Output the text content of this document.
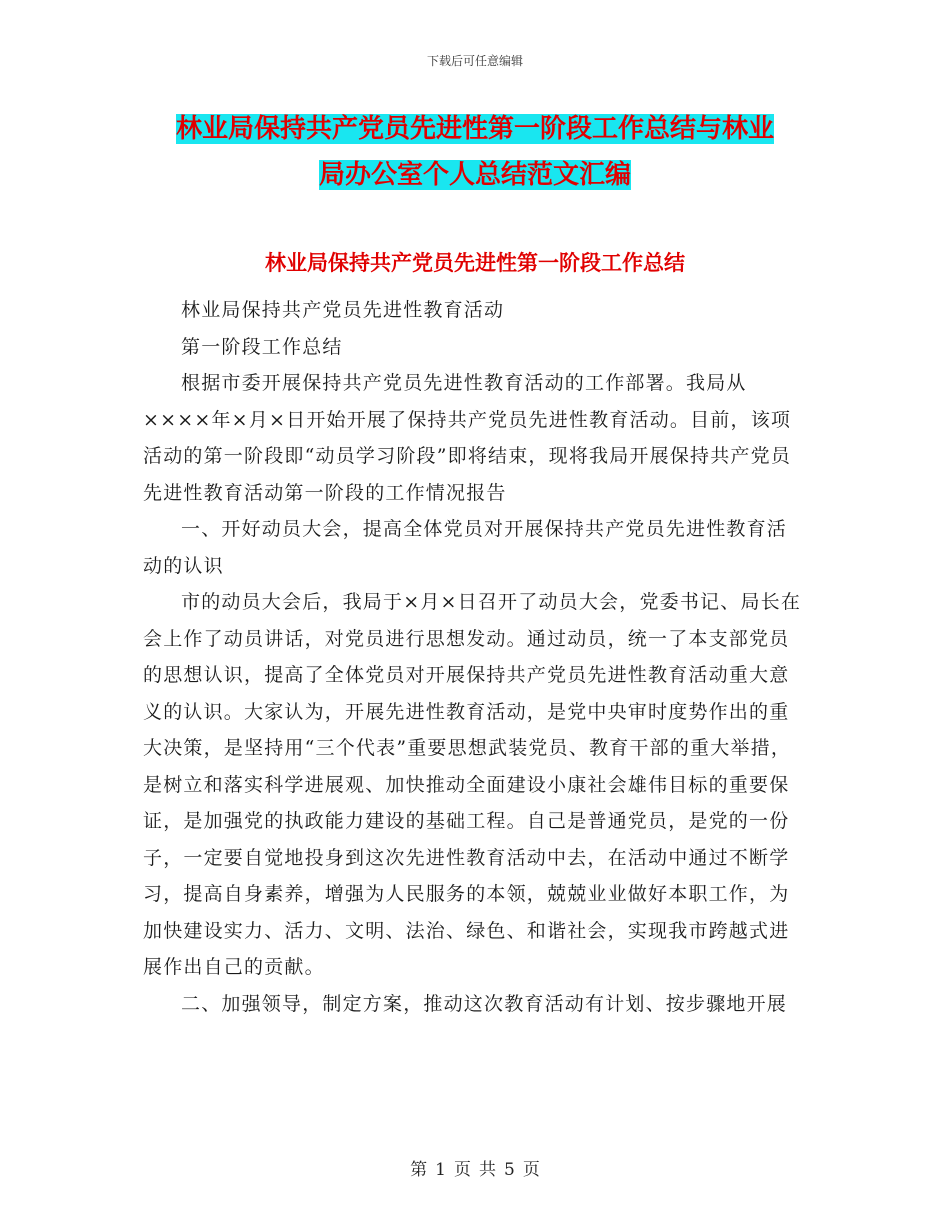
下载后可任意编辑
林业局保持共产党员先进性第一阶段工作总结与林业
局办公室个人总结范文汇编
林业局保持共产党员先进性第一阶段工作总结

林业局保持共产党员先进性教育活动

第一阶段工作总结

根据市委开展保持共产党员先进性教育活动的工作部署。我局从××××年×月×日开始开展了保持共产党员先进性教育活动。目前，该项活动的第一阶段即“动员学习阶段”即将结束，现将我局开展保持共产党员先进性教育活动第一阶段的工作情况报告

一、开好动员大会，提高全体党员对开展保持共产党员先进性教育活动的认识

市的动员大会后，我局于×月×日召开了动员大会，党委书记、局长在会上作了动员讲话，对党员进行思想发动。通过动员，统一了本支部党员的思想认识，提高了全体党员对开展保持共产党员先进性教育活动重大意义的认识。大家认为，开展先进性教育活动，是党中央审时度势作出的重大决策，是坚持用“三个代表”重要思想武装党员、教育干部的重大举措，是树立和落实科学进展观、加快推动全面建设小康社会雄伟目标的重要保证，是加强党的执政能力建设的基础工程。自己是普通党员，是党的一份子，一定要自觉地投身到这次先进性教育活动中去，在活动中通过不断学习，提高自身素养，增强为人民服务的本领，兢兢业业做好本职工作，为加快建设实力、活力、文明、法治、绿色、和谐社会，实现我市跨越式进展作出自己的贡献。

二、加强领导，制定方案，推动这次教育活动有计划、按步骤地开展

第 1 页 共 5 页
